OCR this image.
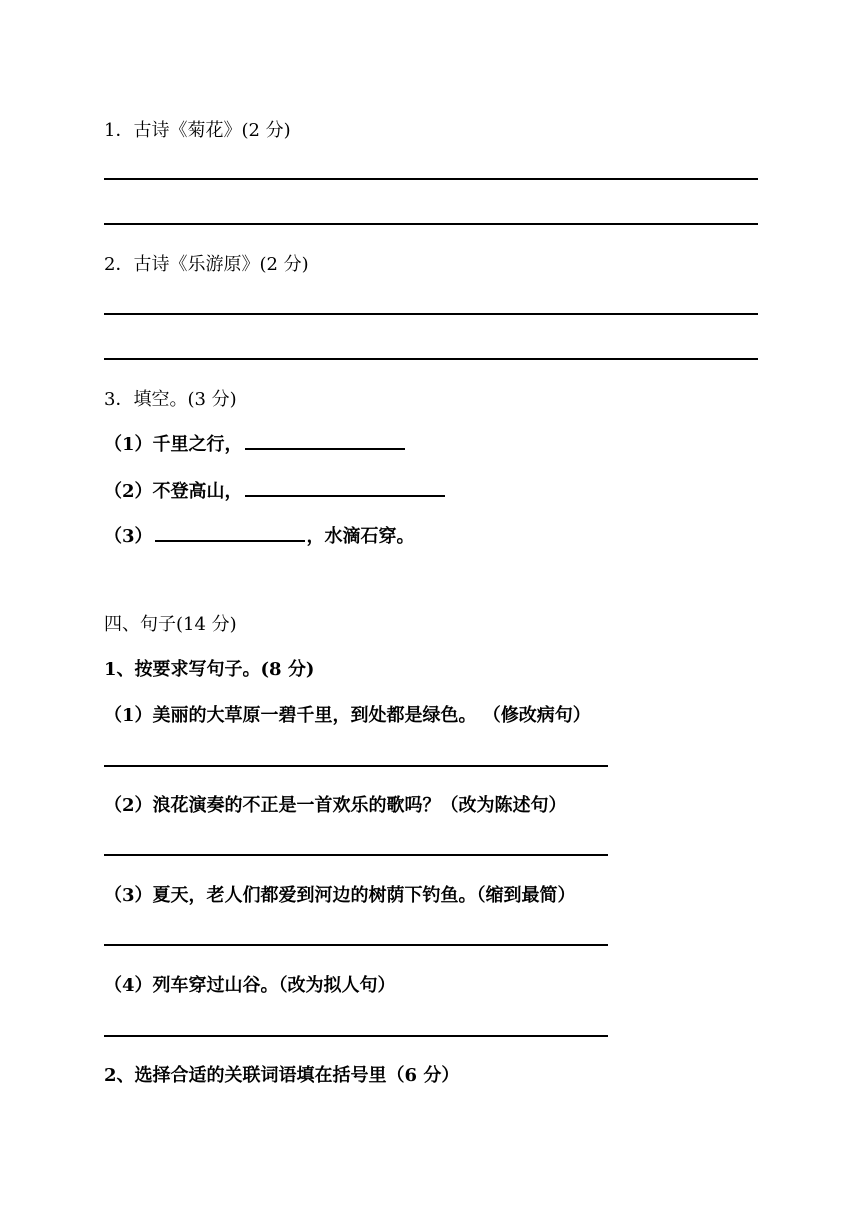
1．古诗《菊花》(2 分)
2．古诗《乐游原》(2 分)
3．填空。(3 分)
（1）千里之行，
（2）不登高山，
（3）	，水滴石穿。
四、句子(14 分)
1、按要求写句子。(8 分)
（1）美丽的大草原一碧千里，到处都是绿色。 （修改病句）
（2）浪花演奏的不正是一首欢乐的歌吗？（改为陈述句）
（3）夏天，老人们都爱到河边的树荫下钓鱼。（缩到最简）
（4）列车穿过山谷。（改为拟人句）
2、选择合适的关联词语填在括号里（6 分）
